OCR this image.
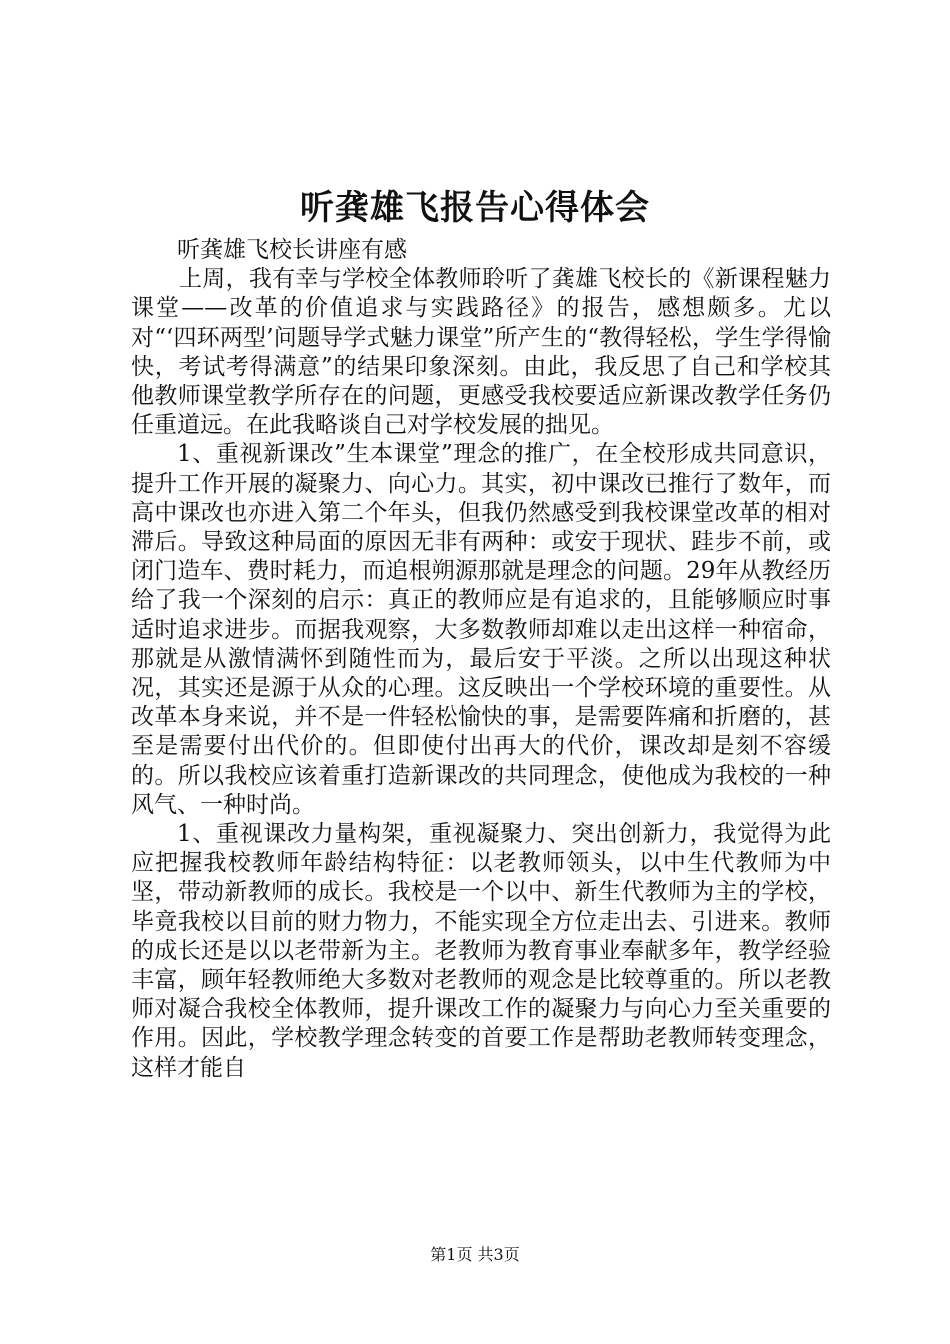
听龚雄飞报告心得体会

听龚雄飞校长讲座有感

上周，我有幸与学校全体教师聆听了龚雄飞校长的《新课程魅力课堂——改革的价值追求与实践路径》的报告，感想颇多。尤以对“‘四环两型’问题导学式魅力课堂”所产生的“教得轻松，学生学得愉快，考试考得满意”的结果印象深刻。由此，我反思了自己和学校其他教师课堂教学所存在的问题，更感受我校要适应新课改教学任务仍任重道远。在此我略谈自己对学校发展的拙见。

1、重视新课改”生本课堂”理念的推广，在全校形成共同意识，提升工作开展的凝聚力、向心力。其实，初中课改已推行了数年，而高中课改也亦进入第二个年头，但我仍然感受到我校课堂改革的相对滞后。导致这种局面的原因无非有两种：或安于现状、跬步不前，或闭门造车、费时耗力，而追根朔源那就是理念的问题。29年从教经历给了我一个深刻的启示：真正的教师应是有追求的，且能够顺应时事适时追求进步。而据我观察，大多数教师却难以走出这样一种宿命，那就是从激情满怀到随性而为，最后安于平淡。之所以出现这种状况，其实还是源于从众的心理。这反映出一个学校环境的重要性。从改革本身来说，并不是一件轻松愉快的事，是需要阵痛和折磨的，甚至是需要付出代价的。但即使付出再大的代价，课改却是刻不容缓的。所以我校应该着重打造新课改的共同理念，使他成为我校的一种风气、一种时尚。

1、重视课改力量构架，重视凝聚力、突出创新力，我觉得为此应把握我校教师年龄结构特征：以老教师领头，以中生代教师为中坚，带动新教师的成长。我校是一个以中、新生代教师为主的学校，毕竟我校以目前的财力物力，不能实现全方位走出去、引进来。教师的成长还是以以老带新为主。老教师为教育事业奉献多年，教学经验丰富，顾年轻教师绝大多数对老教师的观念是比较尊重的。所以老教师对凝合我校全体教师，提升课改工作的凝聚力与向心力至关重要的作用。因此，学校教学理念转变的首要工作是帮助老教师转变理念，这样才能自

第1页 共3页
